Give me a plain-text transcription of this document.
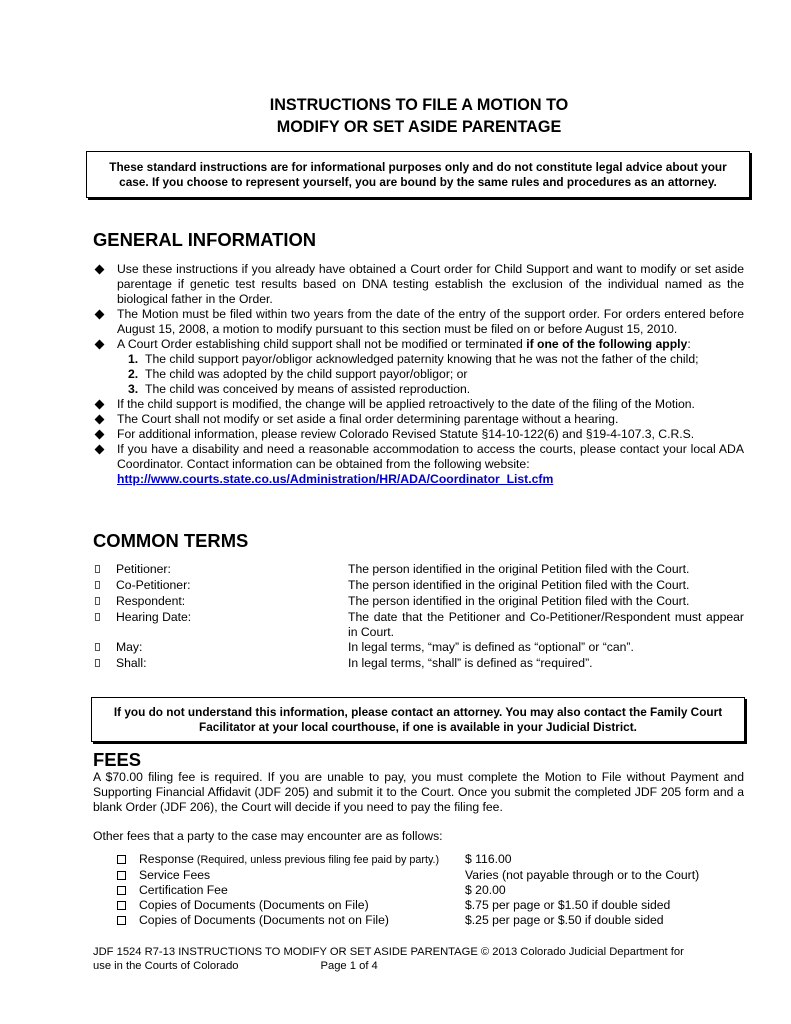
INSTRUCTIONS TO FILE A MOTION TO
MODIFY OR SET ASIDE PARENTAGE
These standard instructions are for informational purposes only and do not constitute legal advice about your case. If you choose to represent yourself, you are bound by the same rules and procedures as an attorney.
GENERAL INFORMATION
Use these instructions if you already have obtained a Court order for Child Support and want to modify or set aside parentage if genetic test results based on DNA testing establish the exclusion of the individual named as the biological father in the Order.
The Motion must be filed within two years from the date of the entry of the support order. For orders entered before August 15, 2008, a motion to modify pursuant to this section must be filed on or before August 15, 2010.
A Court Order establishing child support shall not be modified or terminated if one of the following apply:
1. The child support payor/obligor acknowledged paternity knowing that he was not the father of the child;
2. The child was adopted by the child support payor/obligor; or
3. The child was conceived by means of assisted reproduction.
If the child support is modified, the change will be applied retroactively to the date of the filing of the Motion.
The Court shall not modify or set aside a final order determining parentage without a hearing.
For additional information, please review Colorado Revised Statute §14-10-122(6) and §19-4-107.3, C.R.S.
If you have a disability and need a reasonable accommodation to access the courts, please contact your local ADA Coordinator. Contact information can be obtained from the following website:
http://www.courts.state.co.us/Administration/HR/ADA/Coordinator_List.cfm
COMMON TERMS
Petitioner:	The person identified in the original Petition filed with the Court.
Co-Petitioner:	The person identified in the original Petition filed with the Court.
Respondent:	The person identified in the original Petition filed with the Court.
Hearing Date:	The date that the Petitioner and Co-Petitioner/Respondent must appear in Court.
May:	In legal terms, “may” is defined as “optional” or “can”.
Shall:	In legal terms, “shall” is defined as “required”.
If you do not understand this information, please contact an attorney. You may also contact the Family Court Facilitator at your local courthouse, if one is available in your Judicial District.
FEES
A $70.00 filing fee is required. If you are unable to pay, you must complete the Motion to File without Payment and Supporting Financial Affidavit (JDF 205) and submit it to the Court. Once you submit the completed JDF 205 form and a blank Order (JDF 206), the Court will decide if you need to pay the filing fee.
Other fees that a party to the case may encounter are as follows:
Response (Required, unless previous filing fee paid by party.)	$ 116.00
Service Fees	Varies (not payable through or to the Court)
Certification Fee	$ 20.00
Copies of Documents (Documents on File)	$.75 per page or $1.50 if double sided
Copies of Documents (Documents not on File)	$.25 per page or $.50 if double sided
JDF 1524 R7-13 INSTRUCTIONS TO MODIFY OR SET ASIDE PARENTAGE © 2013 Colorado Judicial Department for
use in the Courts of Colorado	Page 1 of 4
